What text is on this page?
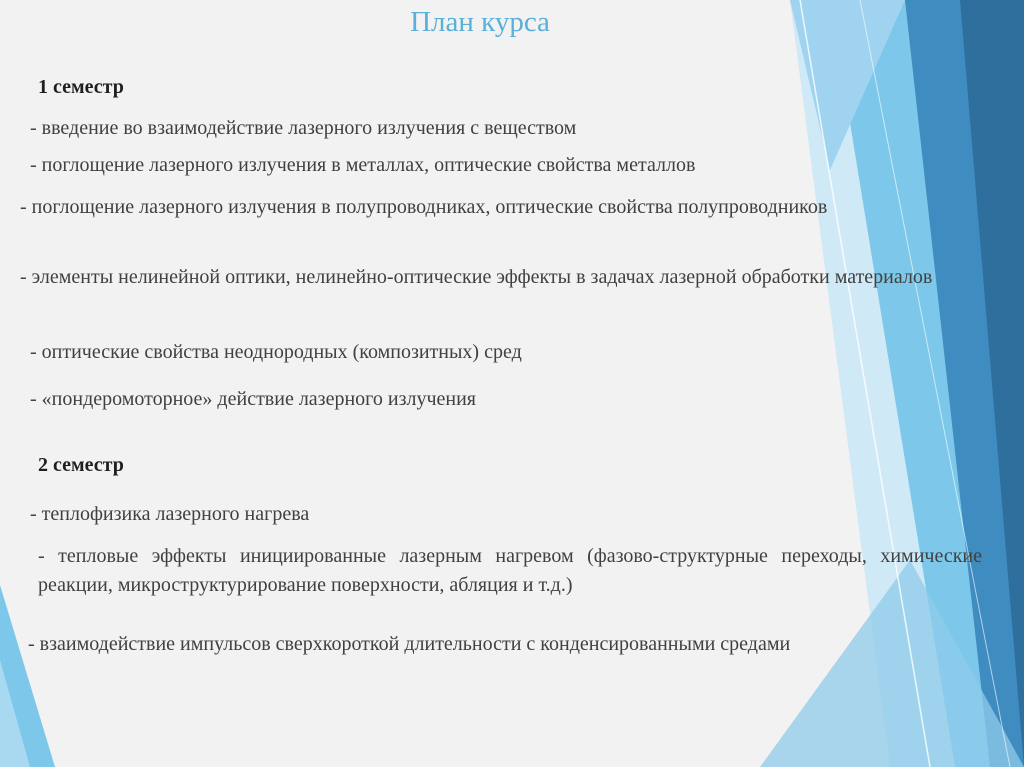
План курса
1 семестр
- введение во взаимодействие лазерного излучения с веществом
- поглощение лазерного излучения в металлах, оптические свойства металлов
- поглощение лазерного излучения в полупроводниках, оптические свойства полупроводников
- элементы нелинейной оптики, нелинейно-оптические эффекты в задачах лазерной обработки материалов
- оптические свойства неоднородных (композитных) сред
- «пондеромоторное» действие лазерного излучения
2 семестр
- теплофизика лазерного нагрева
- тепловые эффекты инициированные лазерным нагревом (фазово-структурные переходы, химические реакции, микроструктурирование поверхности, абляция и т.д.)
- взаимодействие импульсов сверхкороткой длительности с конденсированными средами
